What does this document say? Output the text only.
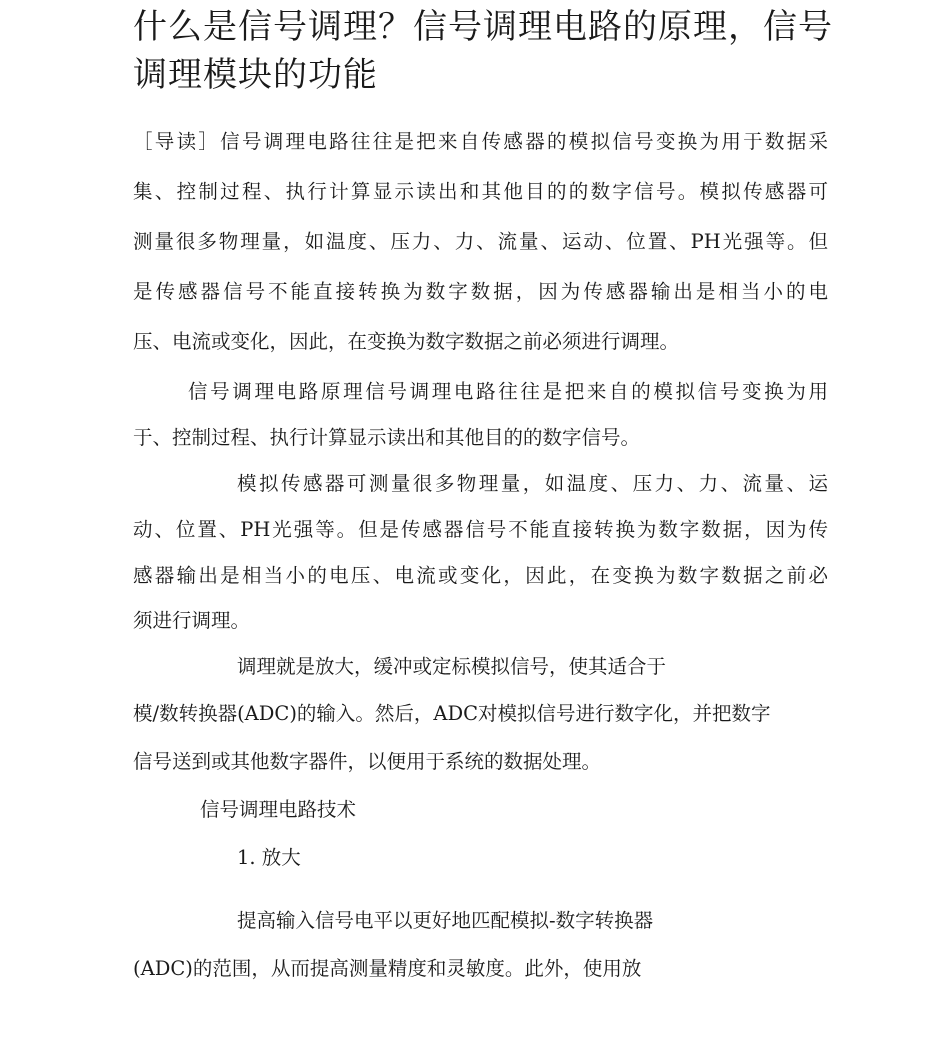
什么是信号调理？信号调理电路的原理，信号调理模块的功能
［导读］信号调理电路往往是把来自传感器的模拟信号变换为用于数据采
集、控制过程、执行计算显示读出和其他目的的数字信号。模拟传感器可
测量很多物理量，如温度、压力、力、流量、运动、位置、PH光强等。但
是传感器信号不能直接转换为数字数据，因为传感器输出是相当小的电
压、电流或变化，因此，在变换为数字数据之前必须进行调理。
信号调理电路原理信号调理电路往往是把来自的模拟信号变换为用
于、控制过程、执行计算显示读出和其他目的的数字信号。
模拟传感器可测量很多物理量，如温度、压力、力、流量、运
动、位置、PH光强等。但是传感器信号不能直接转换为数字数据，因为传
感器输出是相当小的电压、电流或变化，因此，在变换为数字数据之前必
须进行调理。
调理就是放大，缓冲或定标模拟信号，使其适合于
模/数转换器(ADC)的输入。然后，ADC对模拟信号进行数字化，并把数字
信号送到或其他数字器件，以便用于系统的数据处理。
信号调理电路技术
1. 放大
提高输入信号电平以更好地匹配模拟-数字转换器
(ADC)的范围，从而提高测量精度和灵敏度。此外，使用放
